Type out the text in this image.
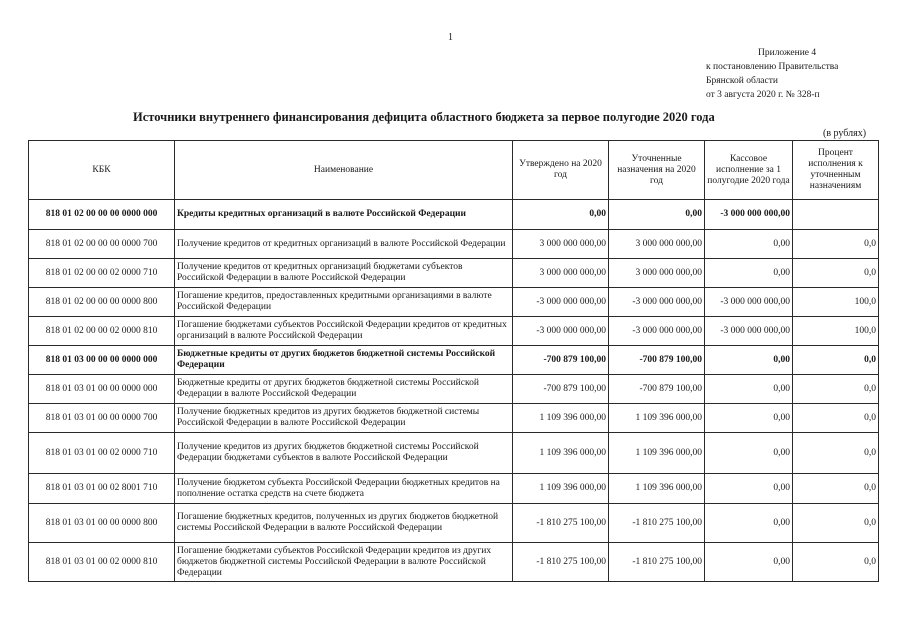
1
Приложение 4
к постановлению Правительства
Брянской области
от 3 августа 2020 г. № 328-п
Источники внутреннего финансирования дефицита областного бюджета за первое полугодие 2020 года
(в рублях)
КБК	Наименование	Утверждено на 2020 год	Уточненные назначения на 2020 год	Кассовое исполнение за 1 полугодие 2020 года	Процент исполнения к уточненным назначениям
818 01 02 00 00 00 0000 000	Кредиты кредитных организаций в валюте Российской Федерации	0,00	0,00	-3 000 000 000,00	
818 01 02 00 00 00 0000 700	Получение кредитов от кредитных организаций в валюте Российской Федерации	3 000 000 000,00	3 000 000 000,00	0,00	0,0
818 01 02 00 00 02 0000 710	Получение кредитов от кредитных организаций бюджетами субъектов Российской Федерации в валюте Российской Федерации	3 000 000 000,00	3 000 000 000,00	0,00	0,0
818 01 02 00 00 00 0000 800	Погашение кредитов, предоставленных кредитными организациями в валюте Российской Федерации	-3 000 000 000,00	-3 000 000 000,00	-3 000 000 000,00	100,0
818 01 02 00 00 02 0000 810	Погашение бюджетами субъектов Российской Федерации кредитов от кредитных организаций в валюте Российской Федерации	-3 000 000 000,00	-3 000 000 000,00	-3 000 000 000,00	100,0
818 01 03 00 00 00 0000 000	Бюджетные кредиты от других бюджетов бюджетной системы Российской Федерации	-700 879 100,00	-700 879 100,00	0,00	0,0
818 01 03 01 00 00 0000 000	Бюджетные кредиты от других бюджетов бюджетной системы Российской Федерации в валюте Российской Федерации	-700 879 100,00	-700 879 100,00	0,00	0,0
818 01 03 01 00 00 0000 700	Получение бюджетных кредитов из других бюджетов бюджетной системы Российской Федерации в валюте Российской Федерации	1 109 396 000,00	1 109 396 000,00	0,00	0,0
818 01 03 01 00 02 0000 710	Получение кредитов из других бюджетов бюджетной системы Российской Федерации бюджетами субъектов в валюте Российской Федерации	1 109 396 000,00	1 109 396 000,00	0,00	0,0
818 01 03 01 00 02 8001 710	Получение бюджетом субъекта Российской Федерации бюджетных кредитов на пополнение остатка средств на счете бюджета	1 109 396 000,00	1 109 396 000,00	0,00	0,0
818 01 03 01 00 00 0000 800	Погашение бюджетных кредитов, полученных из других бюджетов бюджетной системы Российской Федерации в валюте Российской Федерации	-1 810 275 100,00	-1 810 275 100,00	0,00	0,0
818 01 03 01 00 02 0000 810	Погашение бюджетами субъектов Российской Федерации кредитов из других бюджетов бюджетной системы Российской Федерации в валюте Российской Федерации	-1 810 275 100,00	-1 810 275 100,00	0,00	0,0
